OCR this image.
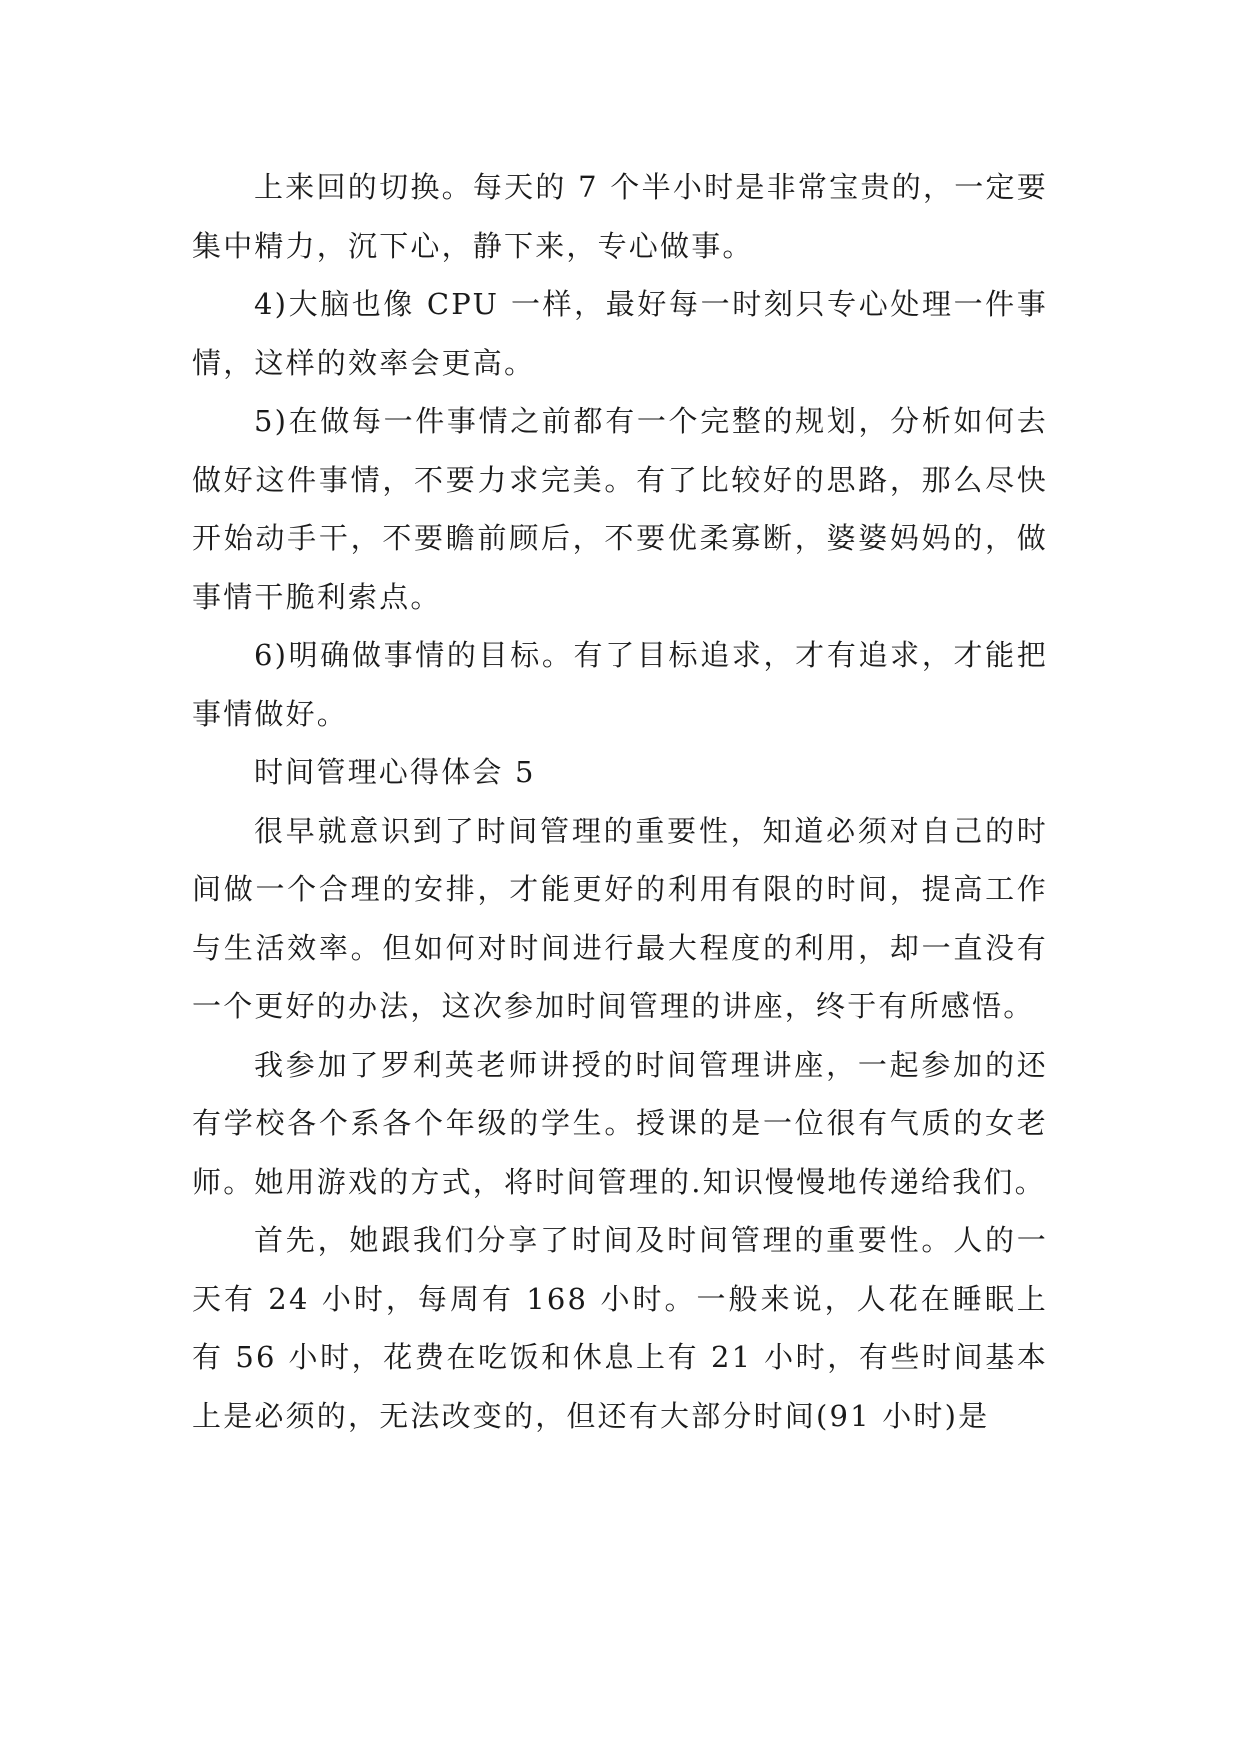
上来回的切换。每天的 7 个半小时是非常宝贵的，一定要集中精力，沉下心，静下来，专心做事。

4)大脑也像 CPU 一样，最好每一时刻只专心处理一件事情，这样的效率会更高。

5)在做每一件事情之前都有一个完整的规划，分析如何去做好这件事情，不要力求完美。有了比较好的思路，那么尽快开始动手干，不要瞻前顾后，不要优柔寡断，婆婆妈妈的，做事情干脆利索点。

6)明确做事情的目标。有了目标追求，才有追求，才能把事情做好。

时间管理心得体会 5

很早就意识到了时间管理的重要性，知道必须对自己的时间做一个合理的安排，才能更好的利用有限的时间，提高工作与生活效率。但如何对时间进行最大程度的利用，却一直没有一个更好的办法，这次参加时间管理的讲座，终于有所感悟。

我参加了罗利英老师讲授的时间管理讲座，一起参加的还有学校各个系各个年级的学生。授课的是一位很有气质的女老师。她用游戏的方式，将时间管理的.知识慢慢地传递给我们。

首先，她跟我们分享了时间及时间管理的重要性。人的一天有 24 小时，每周有 168 小时。一般来说，人花在睡眠上有 56 小时，花费在吃饭和休息上有 21 小时，有些时间基本上是必须的，无法改变的，但还有大部分时间(91 小时)是
